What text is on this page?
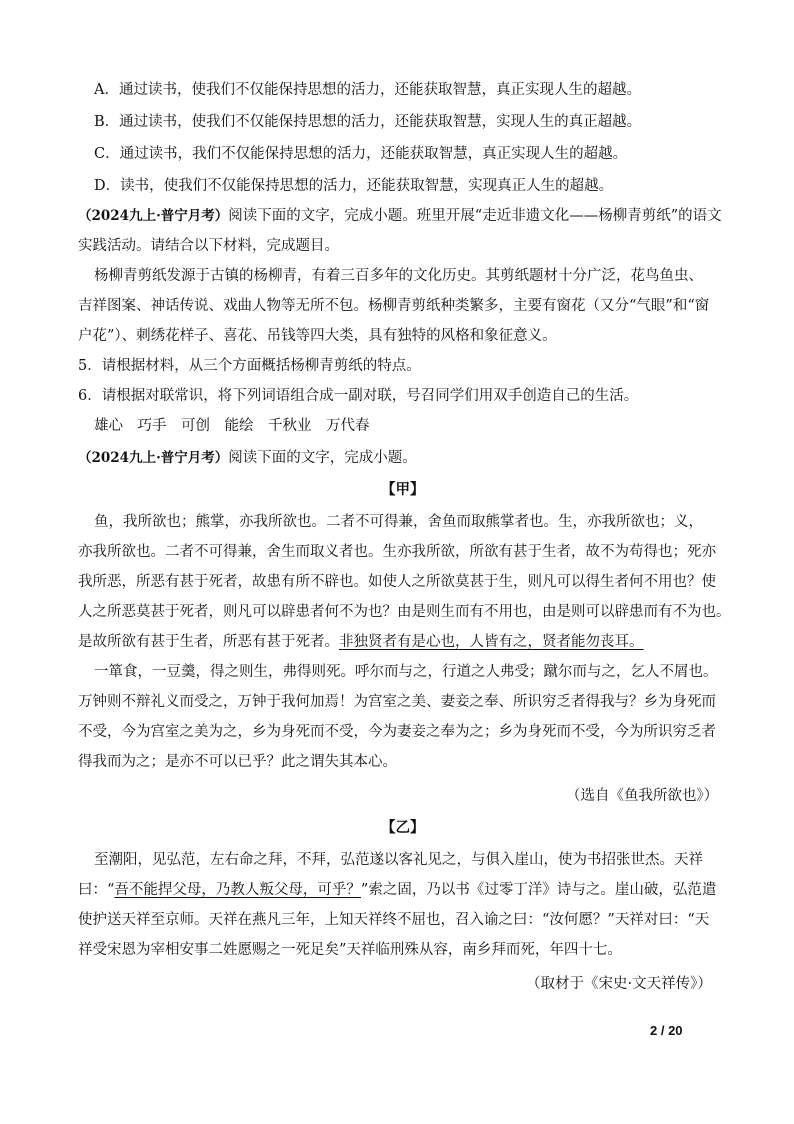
A．通过读书，使我们不仅能保持思想的活力，还能获取智慧，真正实现人生的超越。

B．通过读书，使我们不仅能保持思想的活力，还能获取智慧，实现人生的真正超越。

C．通过读书，我们不仅能保持思想的活力，还能获取智慧，真正实现人生的超越。

D．读书，使我们不仅能保持思想的活力，还能获取智慧，实现真正人生的超越。

（2024九上·普宁月考）阅读下面的文字，完成小题。班里开展“走近非遗文化——杨柳青剪纸”的语文

实践活动。请结合以下材料，完成题目。

杨柳青剪纸发源于古镇的杨柳青，有着三百多年的文化历史。其剪纸题材十分广泛，花鸟鱼虫、

吉祥图案、神话传说、戏曲人物等无所不包。杨柳青剪纸种类繁多，主要有窗花（又分“气眼”和“窗

户花”）、刺绣花样子、喜花、吊钱等四大类，具有独特的风格和象征意义。

5．请根据材料，从三个方面概括杨柳青剪纸的特点。

6．请根据对联常识，将下列词语组合成一副对联，号召同学们用双手创造自己的生活。

雄心  巧手  可创  能绘  千秋业  万代春

（2024九上·普宁月考）阅读下面的文字，完成小题。

【甲】

鱼，我所欲也；熊掌，亦我所欲也。二者不可得兼，舍鱼而取熊掌者也。生，亦我所欲也；义，

亦我所欲也。二者不可得兼，舍生而取义者也。生亦我所欲，所欲有甚于生者，故不为苟得也；死亦

我所恶，所恶有甚于死者，故患有所不辟也。如使人之所欲莫甚于生，则凡可以得生者何不用也？使

人之所恶莫甚于死者，则凡可以辟患者何不为也？由是则生而有不用也，由是则可以辟患而有不为也。

是故所欲有甚于生者，所恶有甚于死者。非独贤者有是心也，人皆有之，贤者能勿丧耳。

一箪食，一豆羹，得之则生，弗得则死。呼尔而与之，行道之人弗受；蹴尔而与之，乞人不屑也。

万钟则不辩礼义而受之，万钟于我何加焉！为宫室之美、妻妾之奉、所识穷乏者得我与？乡为身死而

不受，今为宫室之美为之，乡为身死而不受，今为妻妾之奉为之；乡为身死而不受，今为所识穷乏者

得我而为之；是亦不可以已乎？此之谓失其本心。

（选自《鱼我所欲也》）

【乙】

至潮阳，见弘范，左右命之拜，不拜，弘范遂以客礼见之，与俱入崖山，使为书招张世杰。天祥

曰：“吾不能捍父母，乃教人叛父母，可乎？”索之固，乃以书《过零丁洋》诗与之。崖山破，弘范遣

使护送天祥至京师。天祥在燕凡三年，上知天祥终不屈也，召入谕之曰：“汝何愿？”天祥对曰：“天

祥受宋恩为宰相安事二姓愿赐之一死足矣”天祥临刑殊从容，南乡拜而死，年四十七。

（取材于《宋史·文天祥传》）

2 / 20
